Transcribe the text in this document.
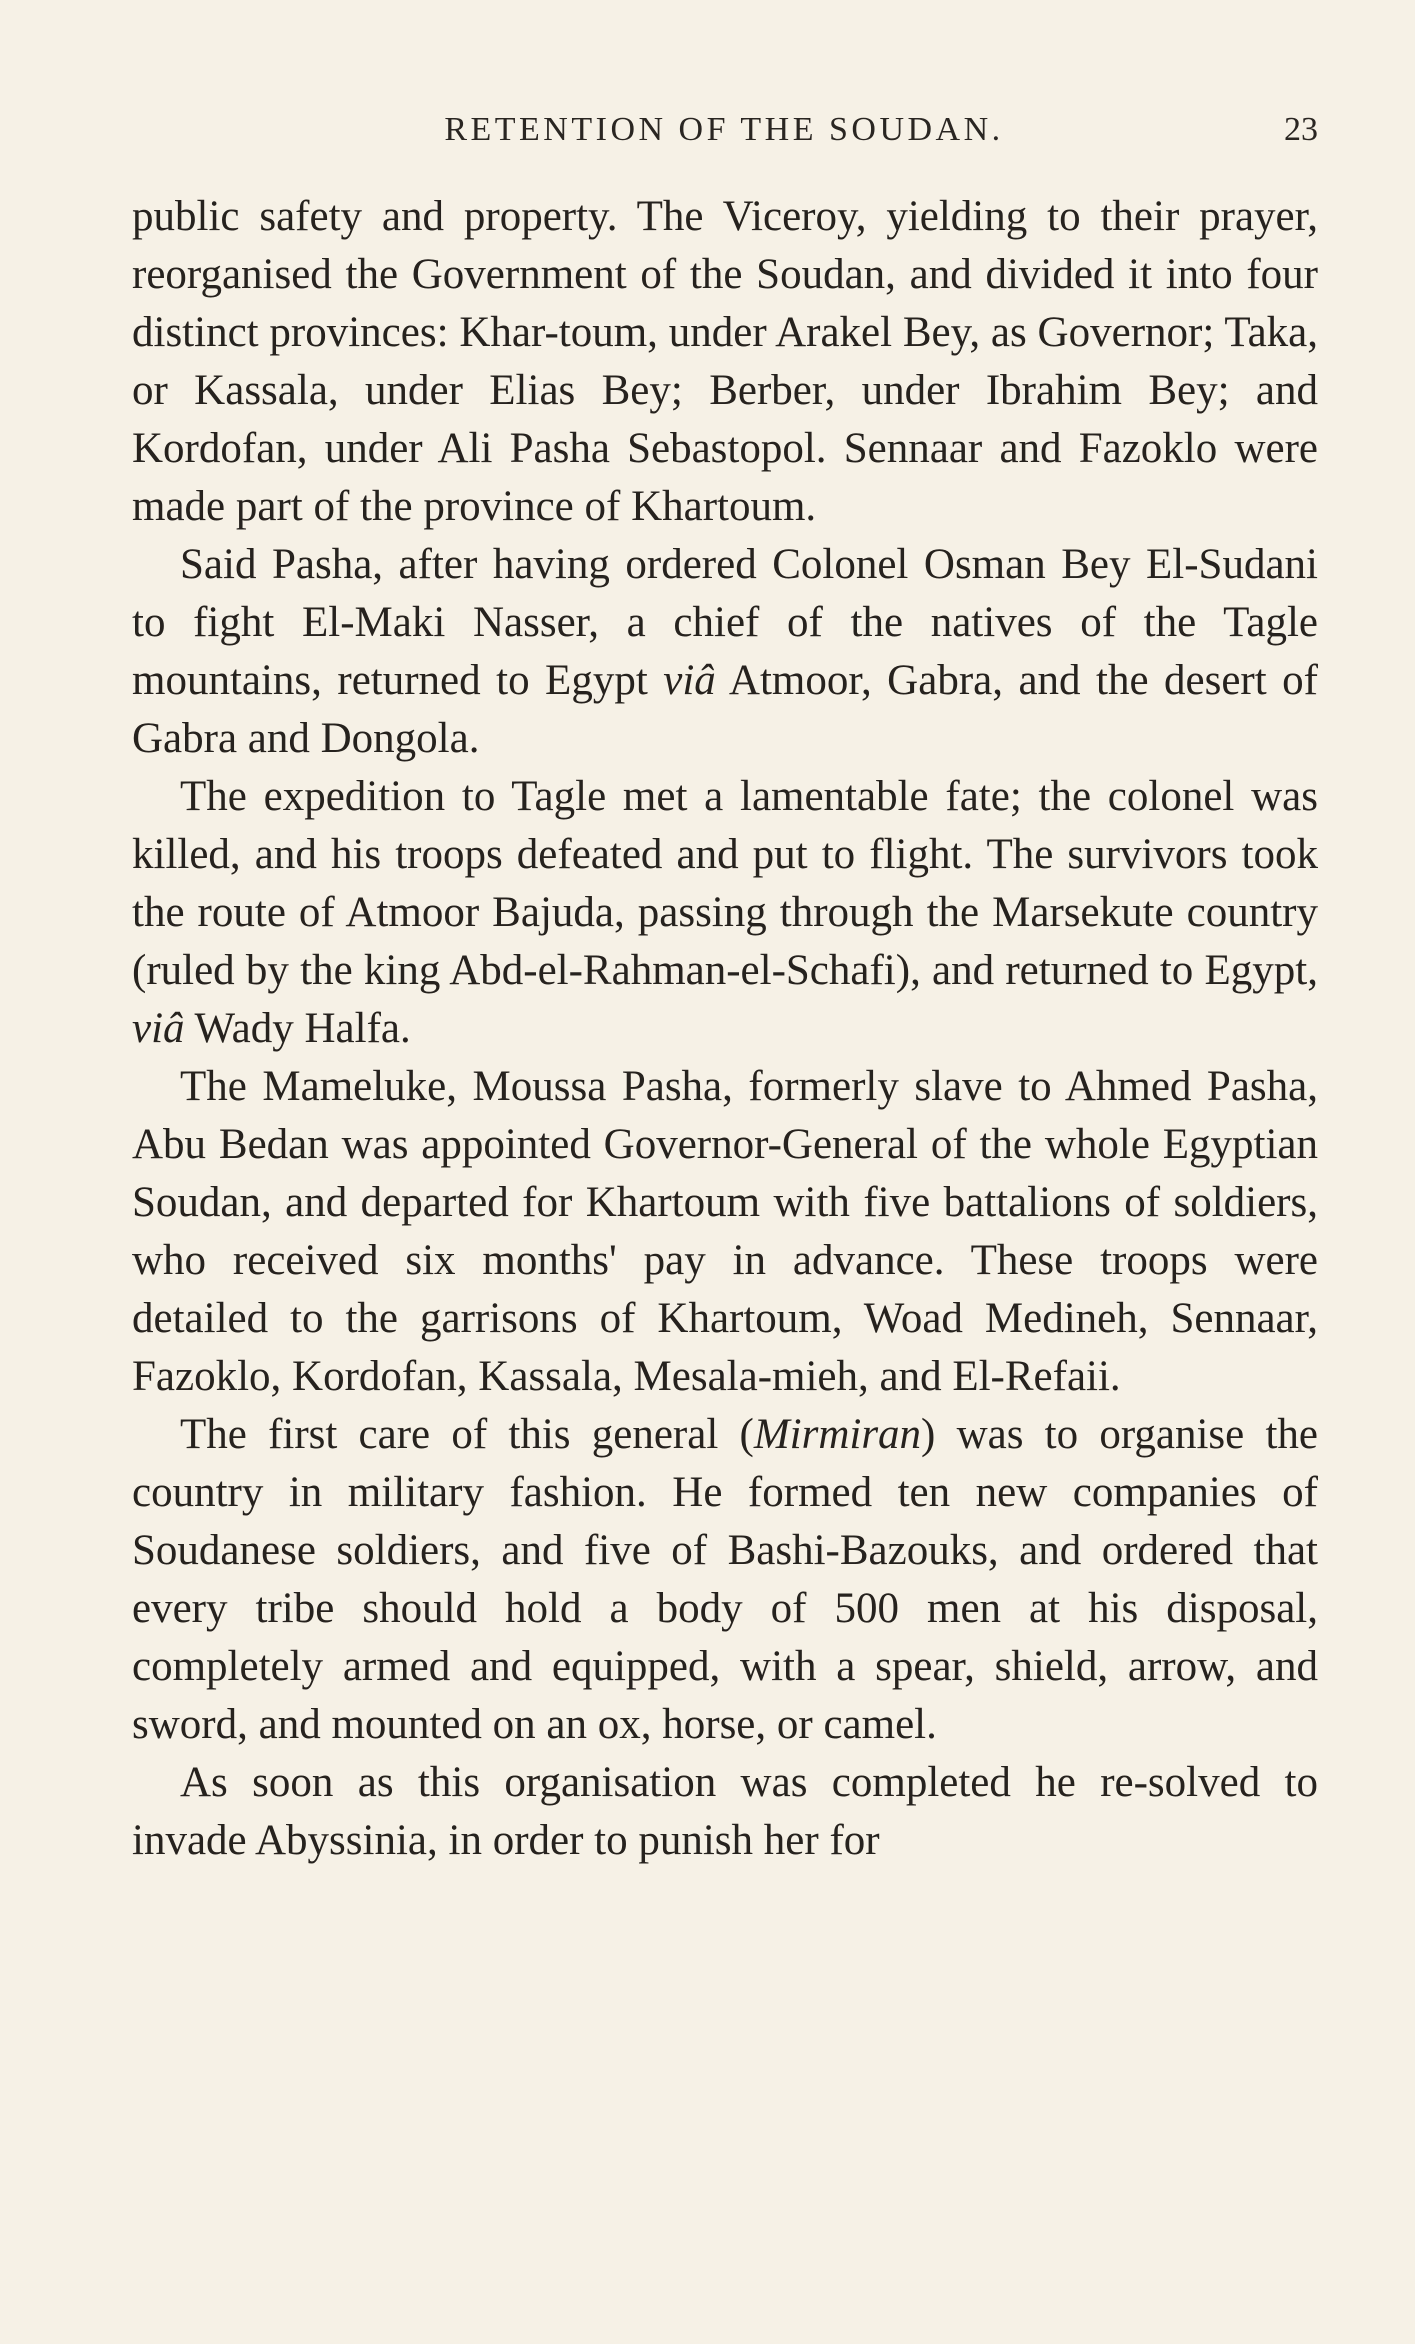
RETENTION OF THE SOUDAN.	23

public safety and property. The Viceroy, yielding to their prayer, reorganised the Government of the Soudan, and divided it into four distinct provinces: Khar-toum, under Arakel Bey, as Governor; Taka, or Kassala, under Elias Bey; Berber, under Ibrahim Bey; and Kordofan, under Ali Pasha Sebastopol. Sennaar and Fazoklo were made part of the province of Khartoum.

Said Pasha, after having ordered Colonel Osman Bey El-Sudani to fight El-Maki Nasser, a chief of the natives of the Tagle mountains, returned to Egypt viâ Atmoor, Gabra, and the desert of Gabra and Dongola.

The expedition to Tagle met a lamentable fate; the colonel was killed, and his troops defeated and put to flight. The survivors took the route of Atmoor Bajuda, passing through the Marsekute country (ruled by the king Abd-el-Rahman-el-Schafi), and returned to Egypt, viâ Wady Halfa.

The Mameluke, Moussa Pasha, formerly slave to Ahmed Pasha, Abu Bedan was appointed Governor-General of the whole Egyptian Soudan, and departed for Khartoum with five battalions of soldiers, who received six months' pay in advance. These troops were detailed to the garrisons of Khartoum, Woad Medineh, Sennaar, Fazoklo, Kordofan, Kassala, Mesala-mieh, and El-Refaii.

The first care of this general (Mirmiran) was to organise the country in military fashion. He formed ten new companies of Soudanese soldiers, and five of Bashi-Bazouks, and ordered that every tribe should hold a body of 500 men at his disposal, completely armed and equipped, with a spear, shield, arrow, and sword, and mounted on an ox, horse, or camel.

As soon as this organisation was completed he re-solved to invade Abyssinia, in order to punish her for
